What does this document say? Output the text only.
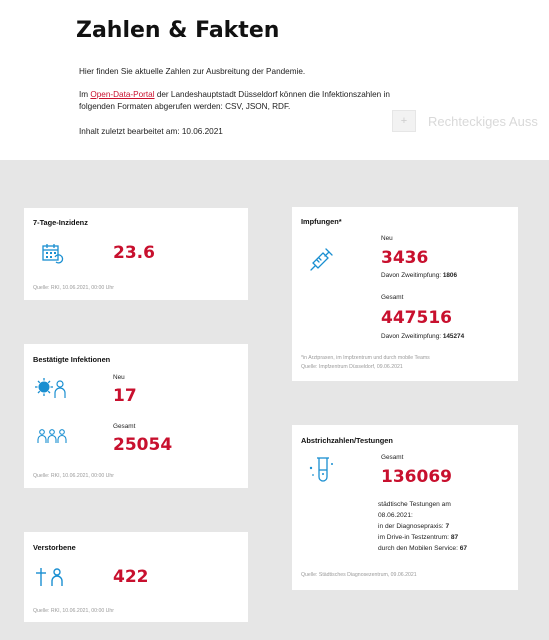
Zahlen & Fakten
Hier finden Sie aktuelle Zahlen zur Ausbreitung der Pandemie.
Im Open-Data-Portal der Landeshauptstadt Düsseldorf können die Infektionszahlen in
folgenden Formaten abgerufen werden: CSV, JSON, RDF.
Inhalt zuletzt bearbeitet am: 10.06.2021
+	Rechteckiges Auss
7-Tage-Inzidenz
23.6
Quelle: RKI, 10.06.2021, 00:00 Uhr
Bestätigte Infektionen
Neu
17
Gesamt
25054
Quelle: RKI, 10.06.2021, 00:00 Uhr
Verstorbene
422
Quelle: RKI, 10.06.2021, 00:00 Uhr
Impfungen*
Neu
3436
Davon Zweitimpfung: 1806
Gesamt
447516
Davon Zweitimpfung: 145274
*in Arztpraxen, im Impfzentrum und durch mobile Teams
Quelle: Impfzentrum Düsseldorf, 09.06.2021
Abstrichzahlen/Testungen
Gesamt
136069
städtische Testungen am
08.06.2021:
in der Diagnosepraxis: 7
im Drive-in Testzentrum: 87
durch den Mobilen Service: 67
Quelle: Städtisches Diagnosezentrum, 09.06.2021
